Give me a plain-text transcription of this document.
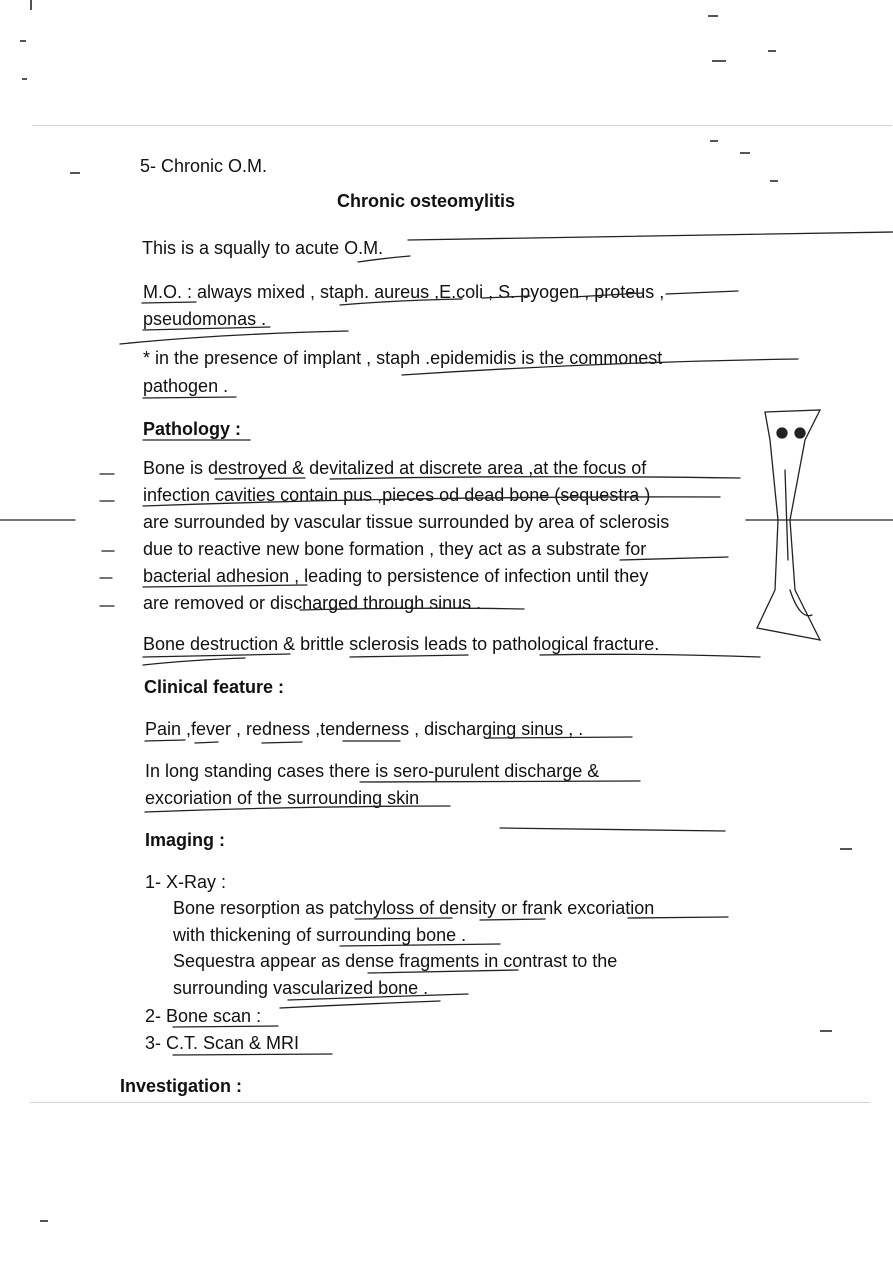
5- Chronic O.M.
Chronic osteomylitis
This is a squally to acute O.M.
M.O. : always mixed , staph. aureus ,E.coli , S. pyogen , proteus ,
pseudomonas .
* in the presence of implant , staph .epidemidis is the commonest
pathogen .
Pathology :
Bone is destroyed & devitalized at discrete area ,at the focus of
infection cavities contain pus ,pieces od dead bone (sequestra )
are surrounded by vascular tissue surrounded by area of sclerosis
due to reactive new bone formation , they act as a substrate for
bacterial adhesion , leading to persistence of infection until they
are removed or discharged through sinus .
Bone destruction & brittle sclerosis leads to pathological fracture.
Clinical feature :
Pain ,fever , redness ,tenderness , discharging sinus , .
In long standing cases there is sero-purulent discharge &
excoriation of the surrounding skin
Imaging :
1- X-Ray :
Bone resorption as patchyloss of density or frank excoriation
with thickening of surrounding bone .
Sequestra appear as dense fragments in contrast to the
surrounding vascularized bone .
2- Bone scan :
3- C.T. Scan & MRI
Investigation :
